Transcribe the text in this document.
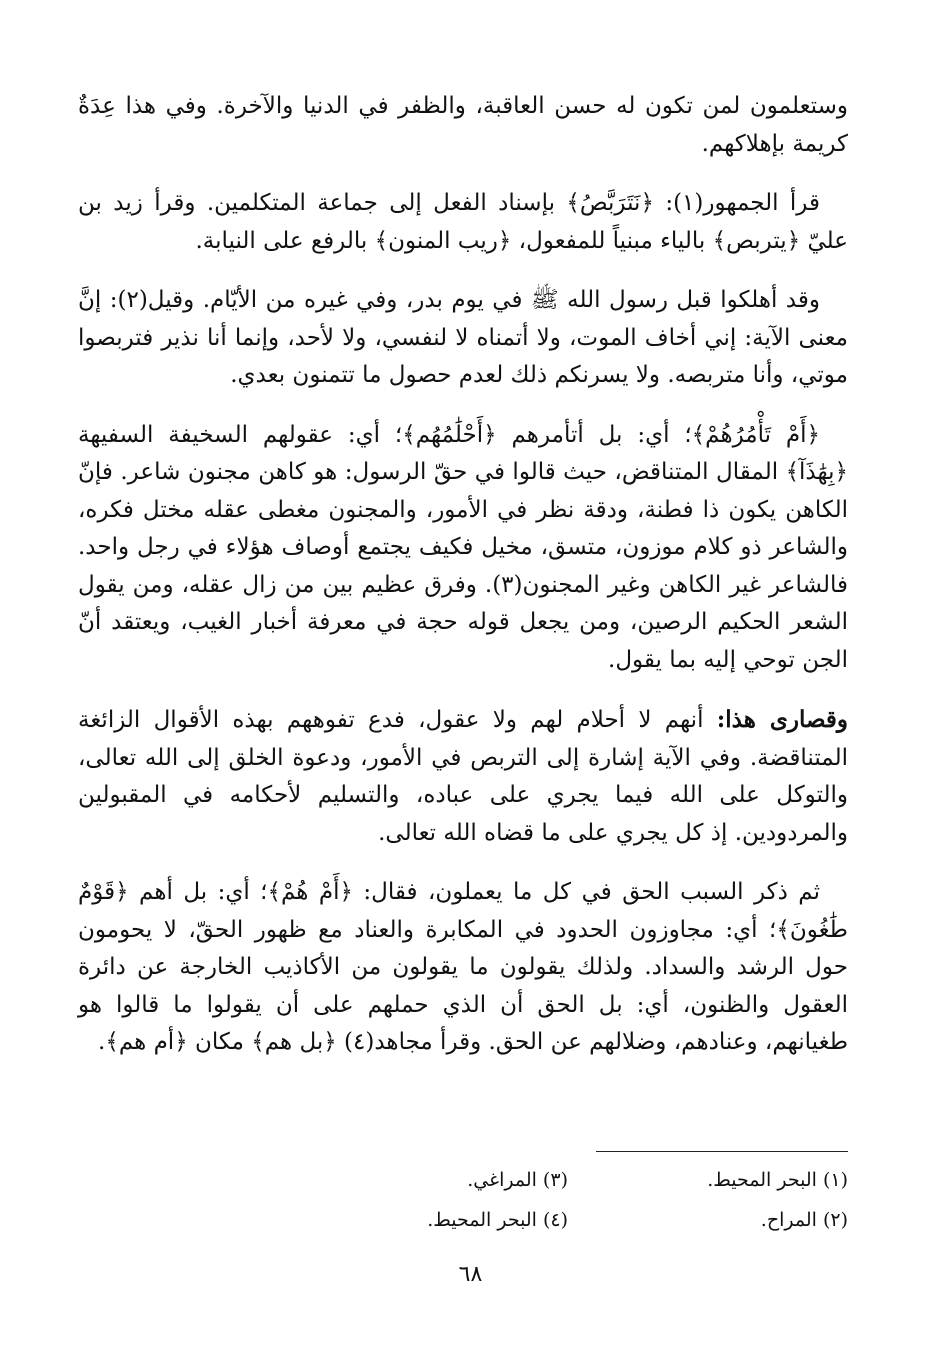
وستعلمون لمن تكون له حسن العاقبة، والظفر في الدنيا والآخرة. وفي هذا عِدَةٌ كريمة بإهلاكهم.

قرأ الجمهور(١): ﴿نَتَرَبَّصُ﴾ بإسناد الفعل إلى جماعة المتكلمين. وقرأ زيد بن عليّ ﴿يتربص﴾ بالياء مبنياً للمفعول، ﴿ريب المنون﴾ بالرفع على النيابة.

وقد أهلكوا قبل رسول الله ﷺ في يوم بدر، وفي غيره من الأيّام. وقيل(٢): إنَّ معنى الآية: إني أخاف الموت، ولا أتمناه لا لنفسي، ولا لأحد، وإنما أنا نذير فتربصوا موتي، وأنا متربصه. ولا يسرنكم ذلك لعدم حصول ما تتمنون بعدي.

﴿أَمْ تَأْمُرُهُمْ﴾؛ أي: بل أتأمرهم ﴿أَحْلَٰمُهُم﴾؛ أي: عقولهم السخيفة السفيهة ﴿بِهَٰذَآ﴾ المقال المتناقض، حيث قالوا في حقّ الرسول: هو كاهن مجنون شاعر. فإنّ الكاهن يكون ذا فطنة، ودقة نظر في الأمور، والمجنون مغطى عقله مختل فكره، والشاعر ذو كلام موزون، متسق، مخيل فكيف يجتمع أوصاف هؤلاء في رجل واحد. فالشاعر غير الكاهن وغير المجنون(٣). وفرق عظيم بين من زال عقله، ومن يقول الشعر الحكيم الرصين، ومن يجعل قوله حجة في معرفة أخبار الغيب، ويعتقد أنّ الجن توحي إليه بما يقول.

وقصارى هذا: أنهم لا أحلام لهم ولا عقول، فدع تفوههم بهذه الأقوال الزائغة المتناقضة. وفي الآية إشارة إلى التربص في الأمور، ودعوة الخلق إلى الله تعالى، والتوكل على الله فيما يجري على عباده، والتسليم لأحكامه في المقبولين والمردودين. إذ كل يجري على ما قضاه الله تعالى.

ثم ذكر السبب الحق في كل ما يعملون، فقال: ﴿أَمْ هُمْ﴾؛ أي: بل أهم ﴿قَوْمٌ طَٰغُونَ﴾؛ أي: مجاوزون الحدود في المكابرة والعناد مع ظهور الحقّ، لا يحومون حول الرشد والسداد. ولذلك يقولون ما يقولون من الأكاذيب الخارجة عن دائرة العقول والظنون، أي: بل الحق أن الذي حملهم على أن يقولوا ما قالوا هو طغيانهم، وعنادهم، وضلالهم عن الحق. وقرأ مجاهد(٤) ﴿بل هم﴾ مكان ﴿أم هم﴾.

(١) البحر المحيط.
(٣) المراغي.
(٢) المراح.
(٤) البحر المحيط.
٦٨
